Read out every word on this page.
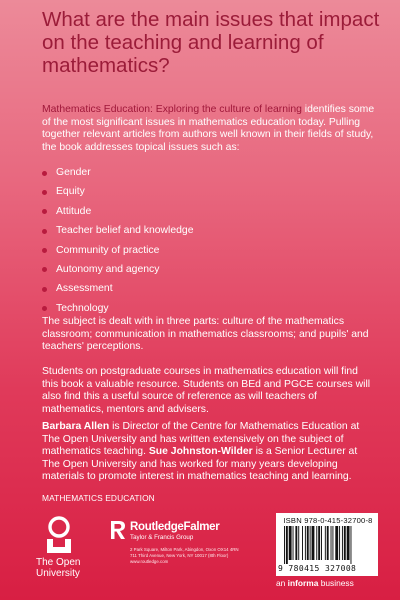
What are the main issues that impact on the teaching and learning of mathematics?

Mathematics Education: Exploring the culture of learning identifies some of the most significant issues in mathematics education today. Pulling together relevant articles from authors well known in their fields of study, the book addresses topical issues such as:

Gender
Equity
Attitude
Teacher belief and knowledge
Community of practice
Autonomy and agency
Assessment
Technology

The subject is dealt with in three parts: culture of the mathematics classroom; communication in mathematics classrooms; and pupils' and teachers' perceptions.

Students on postgraduate courses in mathematics education will find this book a valuable resource. Students on BEd and PGCE courses will also find this a useful source of reference as will teachers of mathematics, mentors and advisers.

Barbara Allen is Director of the Centre for Mathematics Education at The Open University and has written extensively on the subject of mathematics teaching. Sue Johnston-Wilder is a Senior Lecturer at The Open University and has worked for many years developing materials to promote interest in mathematics teaching and learning.

MATHEMATICS EDUCATION

The Open
University
RoutledgeFalmer
Taylor & Francis Group
2 Park Square, Milton Park, Abingdon, Oxon OX14 4RN
711 Third Avenue, New York, NY 10017 (8th Floor)
www.routledge.com
ISBN 978-0-415-32700-8
9 780415 327008
an informa business
